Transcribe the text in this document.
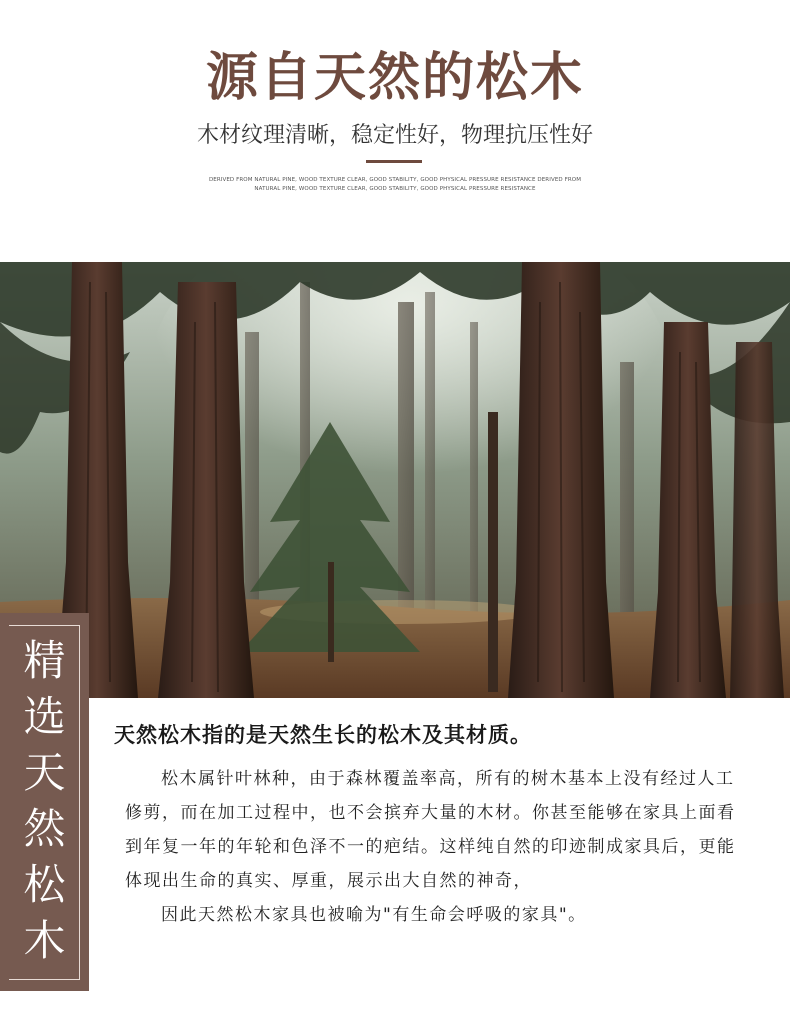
源自天然的松木
木材纹理清晰，稳定性好，物理抗压性好
DERIVED FROM NATURAL PINE, WOOD TEXTURE CLEAR, GOOD STABILITY, GOOD PHYSICAL PRESSURE RESISTANCE DERIVED FROM
NATURAL PINE, WOOD TEXTURE CLEAR, GOOD STABILITY, GOOD PHYSICAL PRESSURE RESISTANCE
精
选
天
然
松
木
天然松木指的是天然生长的松木及其材质。

松木属针叶林种，由于森林覆盖率高，所有的树木基本上没有经过人工修剪，而在加工过程中，也不会摈弃大量的木材。你甚至能够在家具上面看到年复一年的年轮和色泽不一的疤结。这样纯自然的印迹制成家具后，更能体现出生命的真实、厚重，展示出大自然的神奇，

因此天然松木家具也被喻为"有生命会呼吸的家具"。
